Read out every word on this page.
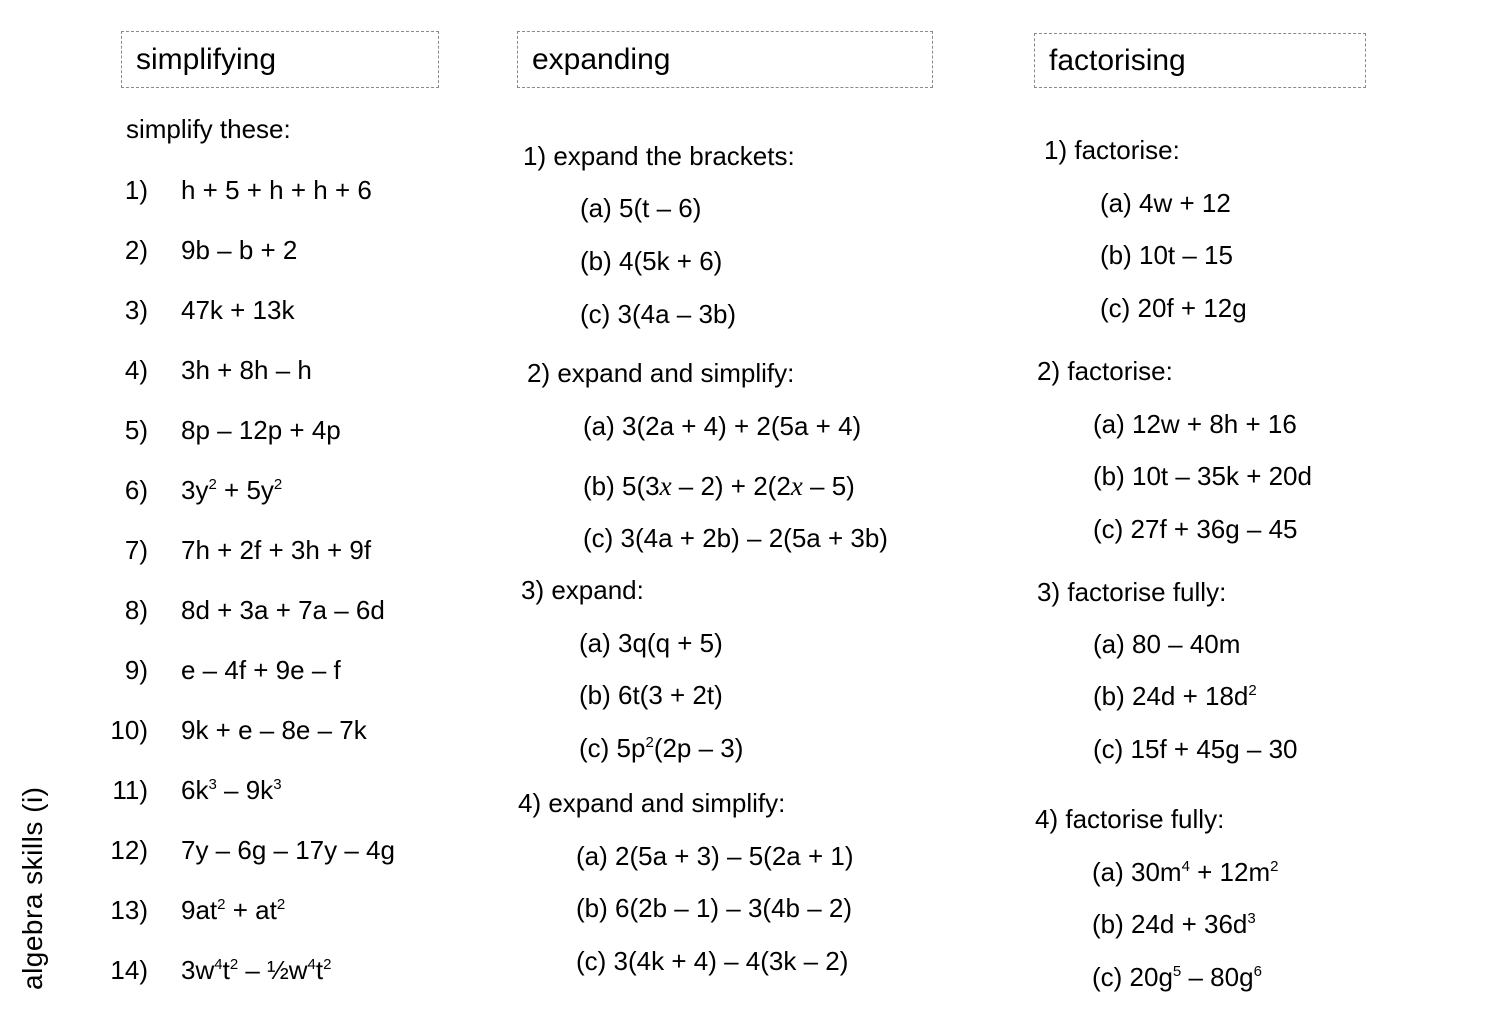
simplifying	expanding	factorising
algebra skills (i)
simplify these:
1) h + 5 + h + h + 6
2) 9b – b + 2
3) 47k + 13k
4) 3h + 8h – h
5) 8p – 12p + 4p
6) $3y^2 + 5y^2$
7) 7h + 2f + 3h + 9f
8) 8d + 3a + 7a – 6d
9) e – 4f + 9e – f
10) 9k + e – 8e – 7k
11) $6k^3 - 9k^3$
12) 7y – 6g – 17y – 4g
13) $9at^2 + at^2$
14) $3w^4t^2$ – $\frac{1}{2}w^4t^2$
1) expand the brackets:
(a) 5(t – 6)
(b) 4(5k + 6)
(c) 3(4a – 3b)
2) expand and simplify:
(a) 3(2a + 4) + 2(5a + 4)
(b) 5(3x – 2) + 2(2x – 5)
(c) 3(4a + 2b) – 2(5a + 3b)
3) expand:
(a) 3q(q + 5)
(b) 6t(3 + 2t)
(c) $5p^2(2p - 3)$
4) expand and simplify:
(a) 2(5a + 3) – 5(2a + 1)
(b) 6(2b – 1) – 3(4b – 2)
(c) 3(4k + 4) – 4(3k – 2)
1) factorise:
(a) 4w + 12
(b) 10t – 15
(c) 20f + 12g
2) factorise:
(a) 12w + 8h + 16
(b) 10t – 35k + 20d
(c) 27f + 36g – 45
3) factorise fully:
(a) 80 – 40m
(b) $24d + 18d^2$
(c) 15f + 45g – 30
4) factorise fully:
(a) $30m^4 + 12m^2$
(b) $24d + 36d^3$
(c) $20g^5 - 80g^6$
